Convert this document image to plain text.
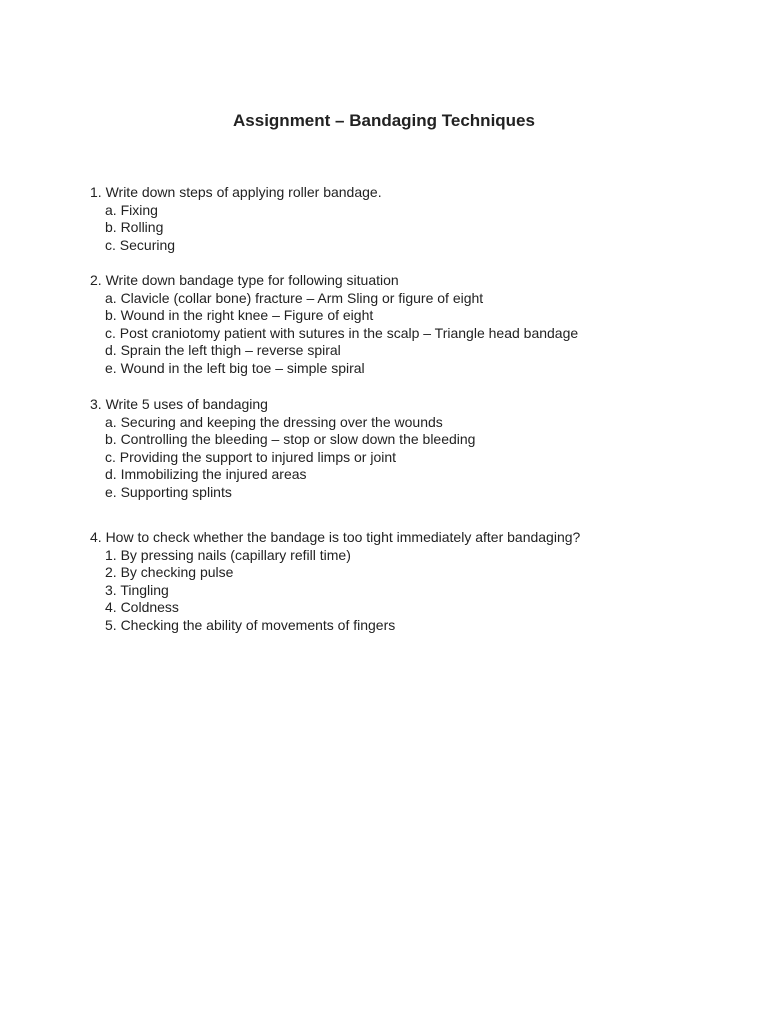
Assignment – Bandaging Techniques
1. Write down steps of applying roller bandage.
a. Fixing
b. Rolling
c. Securing
2. Write down bandage type for following situation
a. Clavicle (collar bone) fracture – Arm Sling or figure of eight
b. Wound in the right knee – Figure of eight
c. Post craniotomy patient with sutures in the scalp – Triangle head bandage
d. Sprain the left thigh – reverse spiral
e. Wound in the left big toe – simple spiral
3. Write 5 uses of bandaging
a. Securing and keeping the dressing over the wounds
b. Controlling the bleeding – stop or slow down the bleeding
c. Providing the support to injured limps or joint
d. Immobilizing the injured areas
e. Supporting splints
4. How to check whether the bandage is too tight immediately after bandaging?
1. By pressing nails (capillary refill time)
2. By checking pulse
3. Tingling
4. Coldness
5. Checking the ability of movements of fingers
